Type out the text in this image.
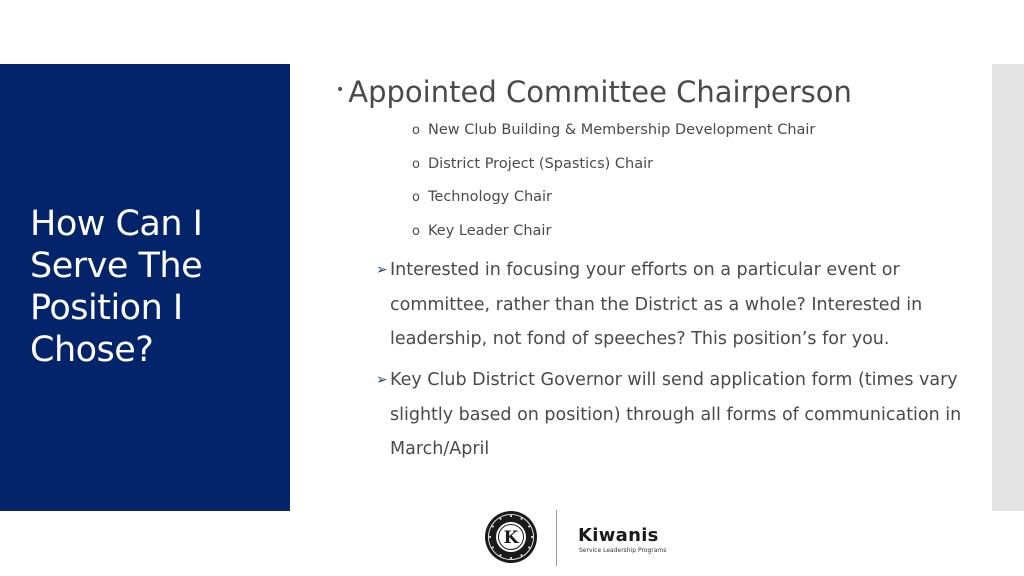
How Can I
Serve The
Position I
Chose?
• Appointed Committee Chairperson
o New Club Building & Membership Development Chair
o District Project (Spastics) Chair
o Technology Chair
o Key Leader Chair

➢ Interested in focusing your efforts on a particular event or committee, rather than the District as a whole? Interested in leadership, not fond of speeches? This position’s for you.

➢ Key Club District Governor will send application form (times vary slightly based on position) through all forms of communication in March/April

K	Kiwanis
Service Leadership Programs
